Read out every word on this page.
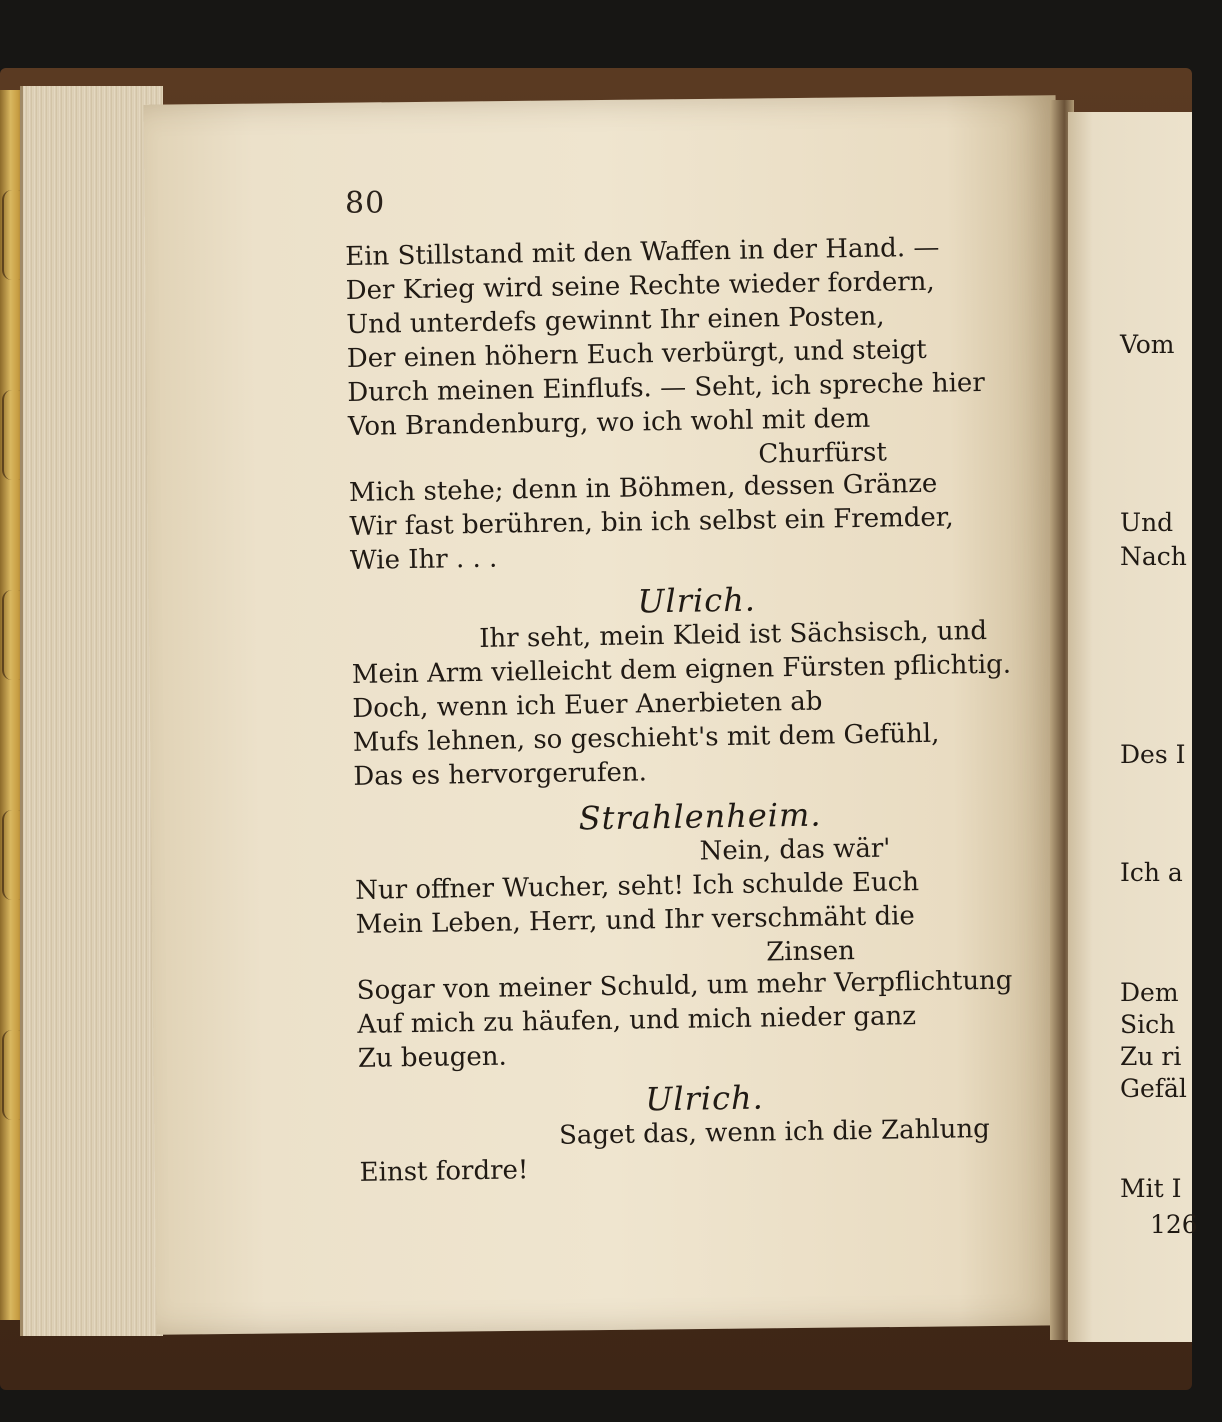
80
Ein Stillstand mit den Waffen in der Hand. —
Der Krieg wird seine Rechte wieder fordern,
Und unterdefs gewinnt Ihr einen Posten,
Der einen höhern Euch verbürgt, und steigt
Durch meinen Einflufs. — Seht, ich spreche hier
Von Brandenburg, wo ich wohl mit dem
Churfürst
Mich stehe; denn in Böhmen, dessen Gränze
Wir fast berühren, bin ich selbst ein Fremder,
Wie Ihr . . .
Ulrich.
Ihr seht, mein Kleid ist Sächsisch, und
Mein Arm vielleicht dem eignen Fürsten pflichtig.
Doch, wenn ich Euer Anerbieten ab
Mufs lehnen, so geschieht's mit dem Gefühl,
Das es hervorgerufen.
Strahlenheim.
Nein, das wär'
Nur offner Wucher, seht! Ich schulde Euch
Mein Leben, Herr, und Ihr verschmäht die
Zinsen
Sogar von meiner Schuld, um mehr Verpflichtung
Auf mich zu häufen, und mich nieder ganz
Zu beugen.
Ulrich.
Saget das, wenn ich die Zahlung
Einst fordre!
Vom
Und
Nach
Des I
Ich a
Dem
Sich
Zu ri
Gefäl
Mit I
126
